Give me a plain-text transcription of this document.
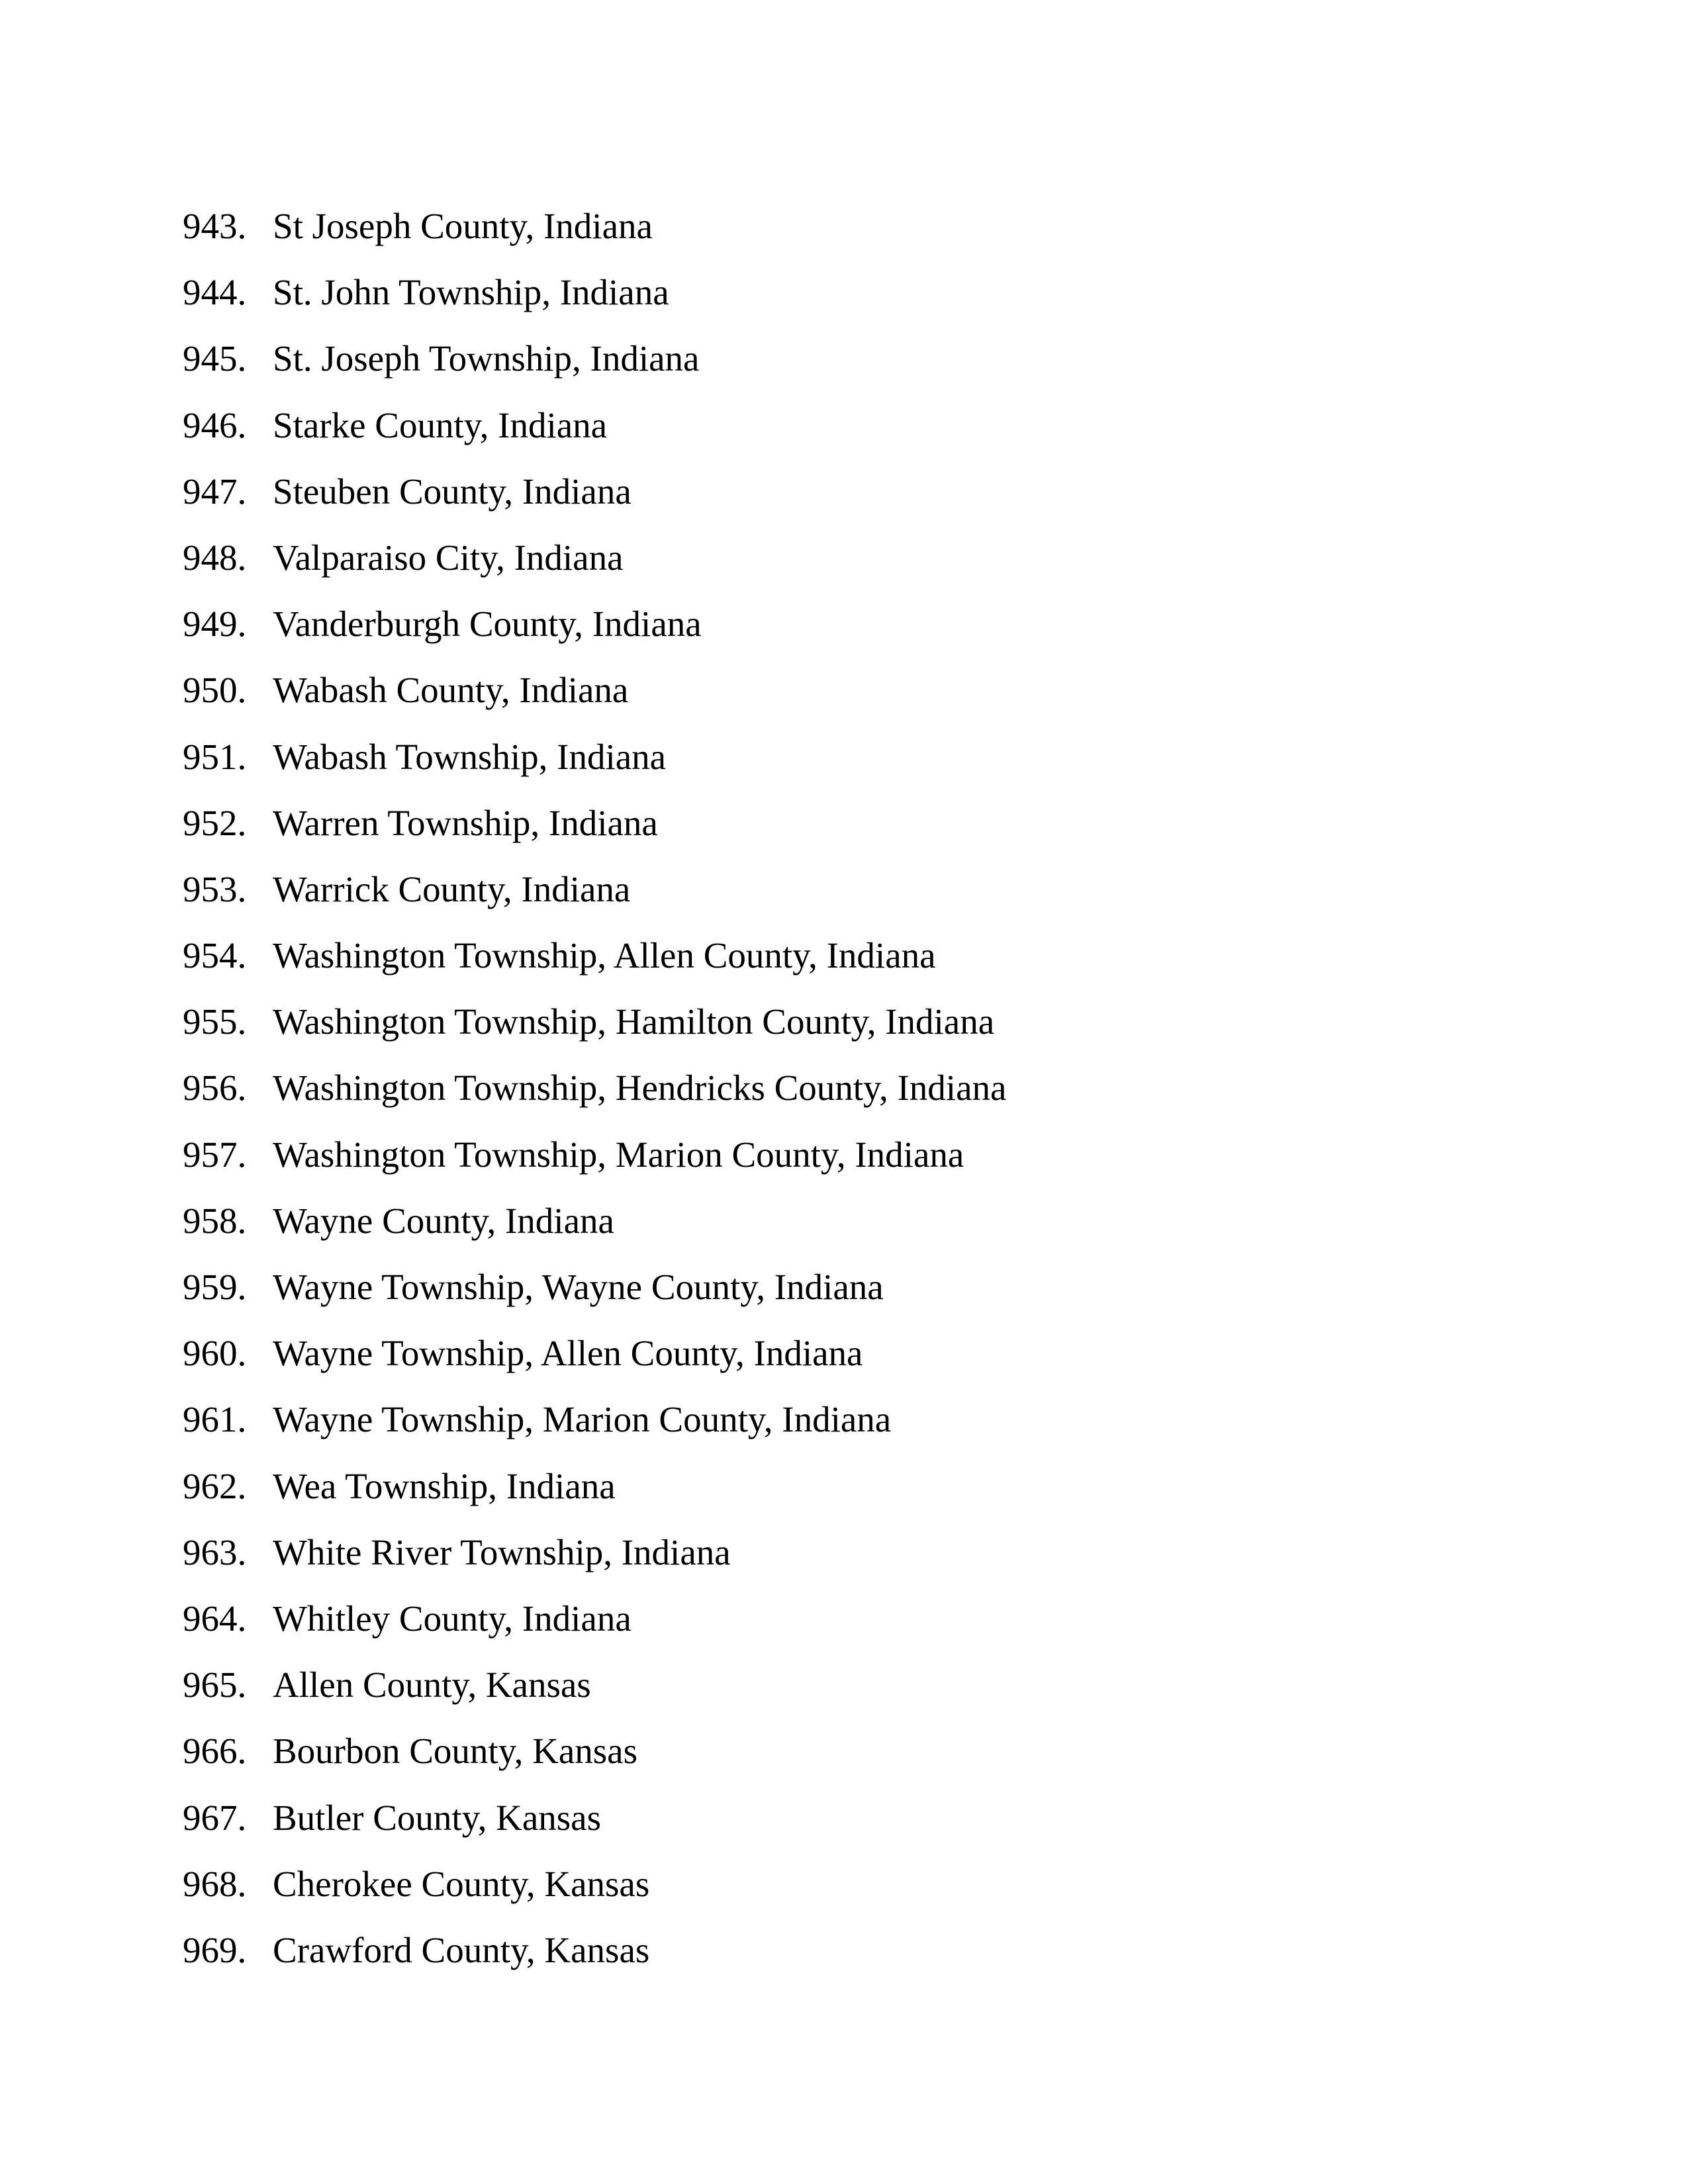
943. St Joseph County, Indiana
944. St. John Township, Indiana
945. St. Joseph Township, Indiana
946. Starke County, Indiana
947. Steuben County, Indiana
948. Valparaiso City, Indiana
949. Vanderburgh County, Indiana
950. Wabash County, Indiana
951. Wabash Township, Indiana
952. Warren Township, Indiana
953. Warrick County, Indiana
954. Washington Township, Allen County, Indiana
955. Washington Township, Hamilton County, Indiana
956. Washington Township, Hendricks County, Indiana
957. Washington Township, Marion County, Indiana
958. Wayne County, Indiana
959. Wayne Township, Wayne County, Indiana
960. Wayne Township, Allen County, Indiana
961. Wayne Township, Marion County, Indiana
962. Wea Township, Indiana
963. White River Township, Indiana
964. Whitley County, Indiana
965. Allen County, Kansas
966. Bourbon County, Kansas
967. Butler County, Kansas
968. Cherokee County, Kansas
969. Crawford County, Kansas
